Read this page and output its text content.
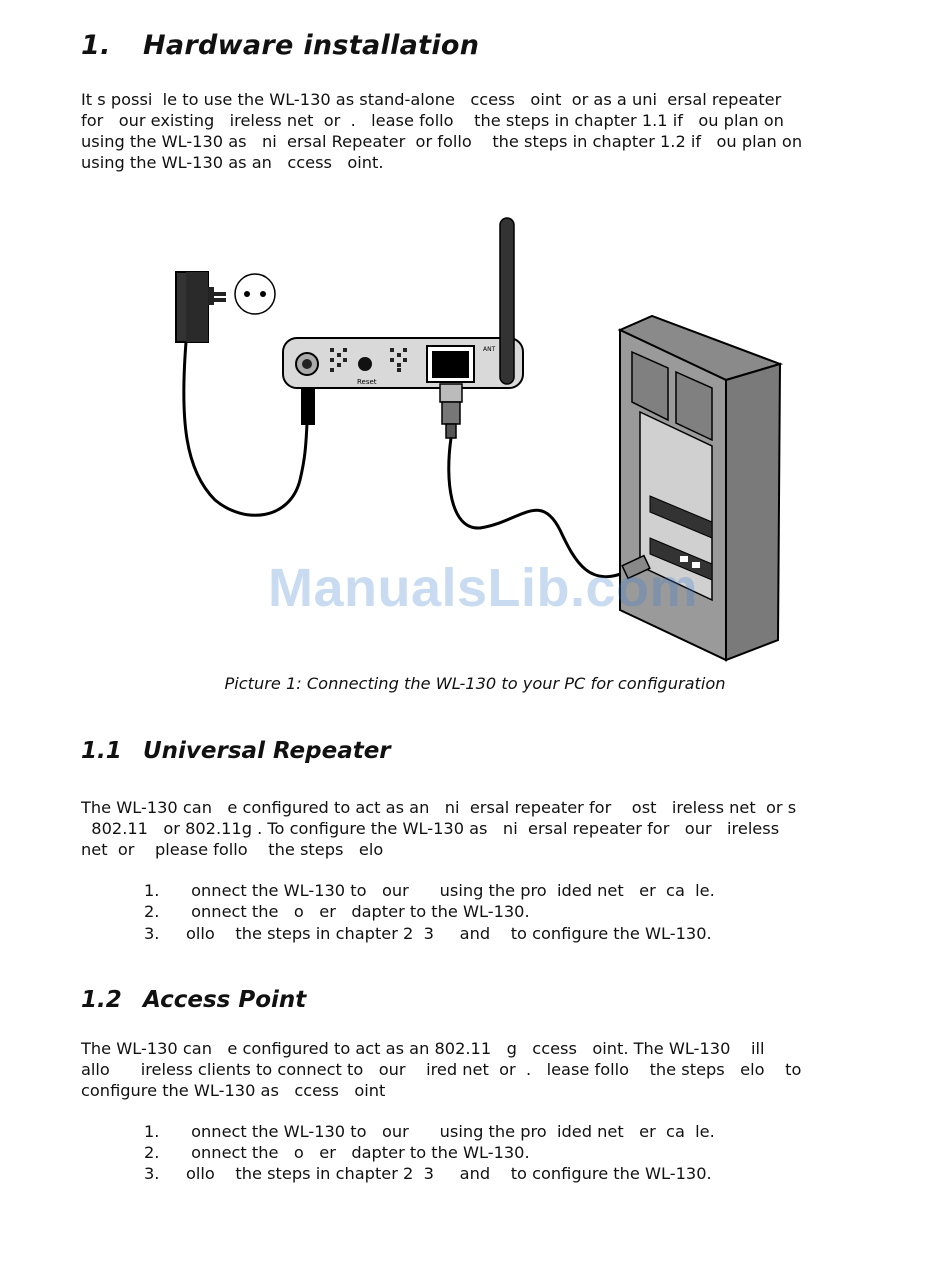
1. Hardware installation

It s possi  le to use the WL-130 as stand-alone   ccess   oint  or as a uni  ersal repeater

for   our existing   ireless net  or  .   lease follo    the steps in chapter 1.1 if   ou plan on

using the WL-130 as   ni  ersal Repeater  or follo    the steps in chapter 1.2 if   ou plan on

using the WL-130 as an   ccess   oint.

Reset
ANT
ManualsLib.com
Picture 1: Connecting the WL-130 to your PC for configuration
1.1 Universal Repeater

The WL-130 can   e configured to act as an   ni  ersal repeater for    ost   ireless net  or s

802.11   or 802.11g . To configure the WL-130 as   ni  ersal repeater for   our   ireless

net  or    please follo    the steps   elo

1. onnect the WL-130 to   our      using the pro  ided net   er  ca  le.

2. onnect the   o   er   dapter to the WL-130.

3. ollo    the steps in chapter 2  3     and    to configure the WL-130.

1.2 Access Point

The WL-130 can   e configured to act as an 802.11   g   ccess   oint. The WL-130    ill

allo      ireless clients to connect to   our    ired net  or  .   lease follo    the steps   elo    to

configure the WL-130 as   ccess   oint

1. onnect the WL-130 to   our      using the pro  ided net   er  ca  le.

2. onnect the   o   er   dapter to the WL-130.

3. ollo    the steps in chapter 2  3     and    to configure the WL-130.
